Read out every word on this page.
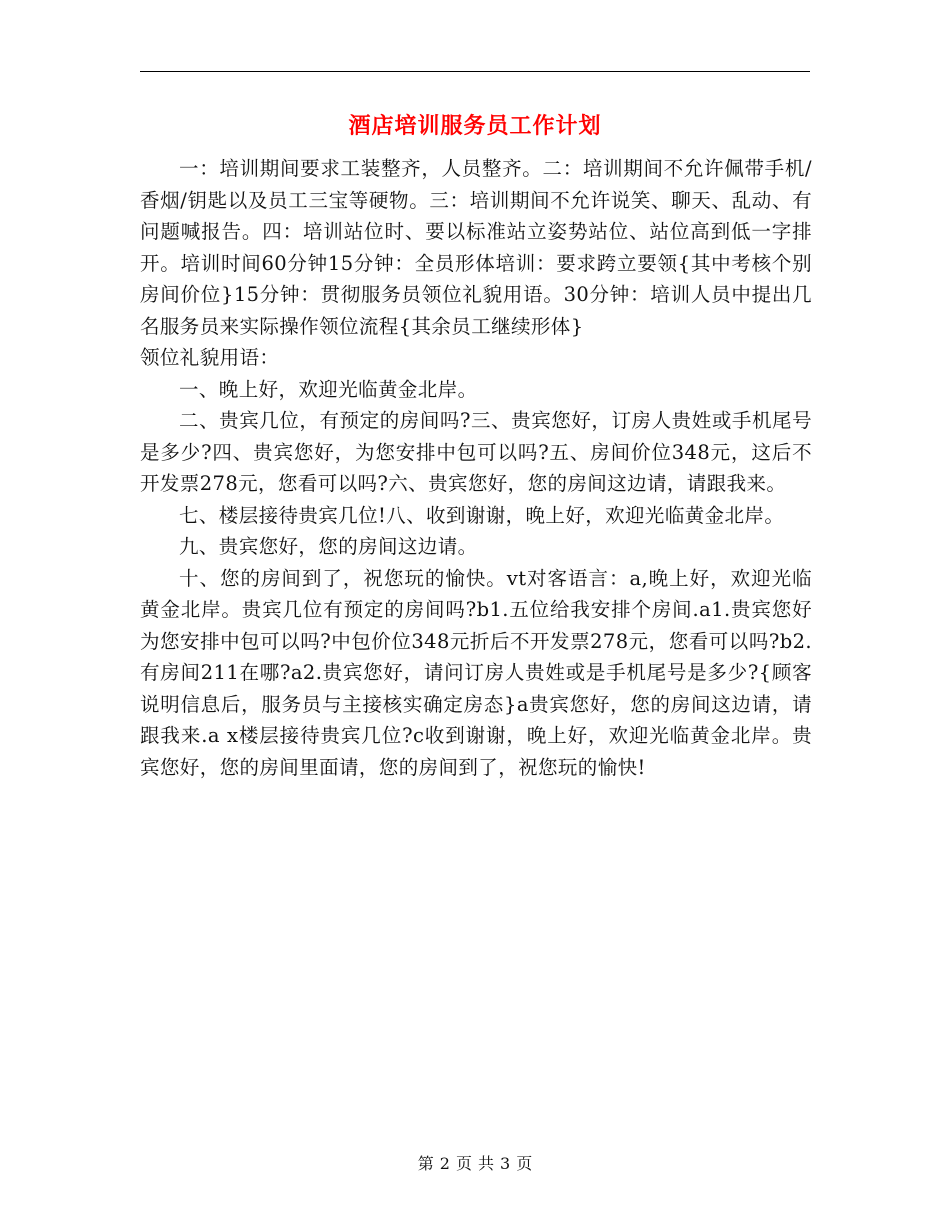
酒店培训服务员工作计划

一：培训期间要求工装整齐，人员整齐。二：培训期间不允许佩带手机/香烟/钥匙以及员工三宝等硬物。三：培训期间不允许说笑、聊天、乱动、有问题喊报告。四：培训站位时、要以标准站立姿势站位、站位高到低一字排开。培训时间60分钟15分钟：全员形体培训：要求跨立要领{其中考核个别房间价位}15分钟：贯彻服务员领位礼貌用语。30分钟：培训人员中提出几名服务员来实际操作领位流程{其余员工继续形体}

领位礼貌用语：

一、晚上好，欢迎光临黄金北岸。

二、贵宾几位，有预定的房间吗?三、贵宾您好，订房人贵姓或手机尾号是多少?四、贵宾您好，为您安排中包可以吗?五、房间价位348元，这后不开发票278元，您看可以吗?六、贵宾您好，您的房间这边请，请跟我来。

七、楼层接待贵宾几位!八、收到谢谢，晚上好，欢迎光临黄金北岸。

九、贵宾您好，您的房间这边请。

十、您的房间到了，祝您玩的愉快。vt对客语言：a,晚上好，欢迎光临黄金北岸。贵宾几位有预定的房间吗?b1.五位给我安排个房间.a1.贵宾您好为您安排中包可以吗?中包价位348元折后不开发票278元，您看可以吗?b2.有房间211在哪?a2.贵宾您好，请问订房人贵姓或是手机尾号是多少?{顾客说明信息后，服务员与主接核实确定房态}a贵宾您好，您的房间这边请，请跟我来.a x楼层接待贵宾几位?c收到谢谢，晚上好，欢迎光临黄金北岸。贵宾您好，您的房间里面请，您的房间到了，祝您玩的愉快!

第 2 页 共 3 页
